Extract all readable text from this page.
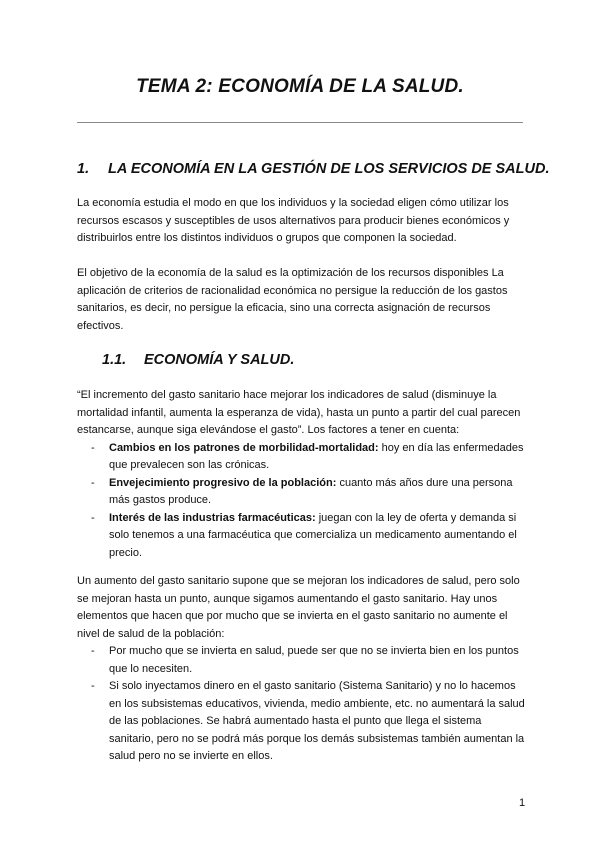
TEMA 2: ECONOMÍA DE LA SALUD.
1. LA ECONOMÍA EN LA GESTIÓN DE LOS SERVICIOS DE SALUD.

La economía estudia el modo en que los individuos y la sociedad eligen cómo utilizar los recursos escasos y susceptibles de usos alternativos para producir bienes económicos y distribuirlos entre los distintos individuos o grupos que componen la sociedad.

El objetivo de la economía de la salud es la optimización de los recursos disponibles La aplicación de criterios de racionalidad económica no persigue la reducción de los gastos sanitarios, es decir, no persigue la eficacia, sino una correcta asignación de recursos efectivos.

1.1. ECONOMÍA Y SALUD.

“El incremento del gasto sanitario hace mejorar los indicadores de salud (disminuye la mortalidad infantil, aumenta la esperanza de vida), hasta un punto a partir del cual parecen estancarse, aunque siga elevándose el gasto”. Los factores a tener en cuenta:

- Cambios en los patrones de morbilidad-mortalidad: hoy en día las enfermedades que prevalecen son las crónicas.
- Envejecimiento progresivo de la población: cuanto más años dure una persona más gastos produce.
- Interés de las industrias farmacéuticas: juegan con la ley de oferta y demanda si solo tenemos a una farmacéutica que comercializa un medicamento aumentando el precio.

Un aumento del gasto sanitario supone que se mejoran los indicadores de salud, pero solo se mejoran hasta un punto, aunque sigamos aumentando el gasto sanitario. Hay unos elementos que hacen que por mucho que se invierta en el gasto sanitario no aumente el nivel de salud de la población:

- Por mucho que se invierta en salud, puede ser que no se invierta bien en los puntos que lo necesiten.
- Si solo inyectamos dinero en el gasto sanitario (Sistema Sanitario) y no lo hacemos en los subsistemas educativos, vivienda, medio ambiente, etc. no aumentará la salud de las poblaciones. Se habrá aumentado hasta el punto que llega el sistema sanitario, pero no se podrá más porque los demás subsistemas también aumentan la salud pero no se invierte en ellos.
1
